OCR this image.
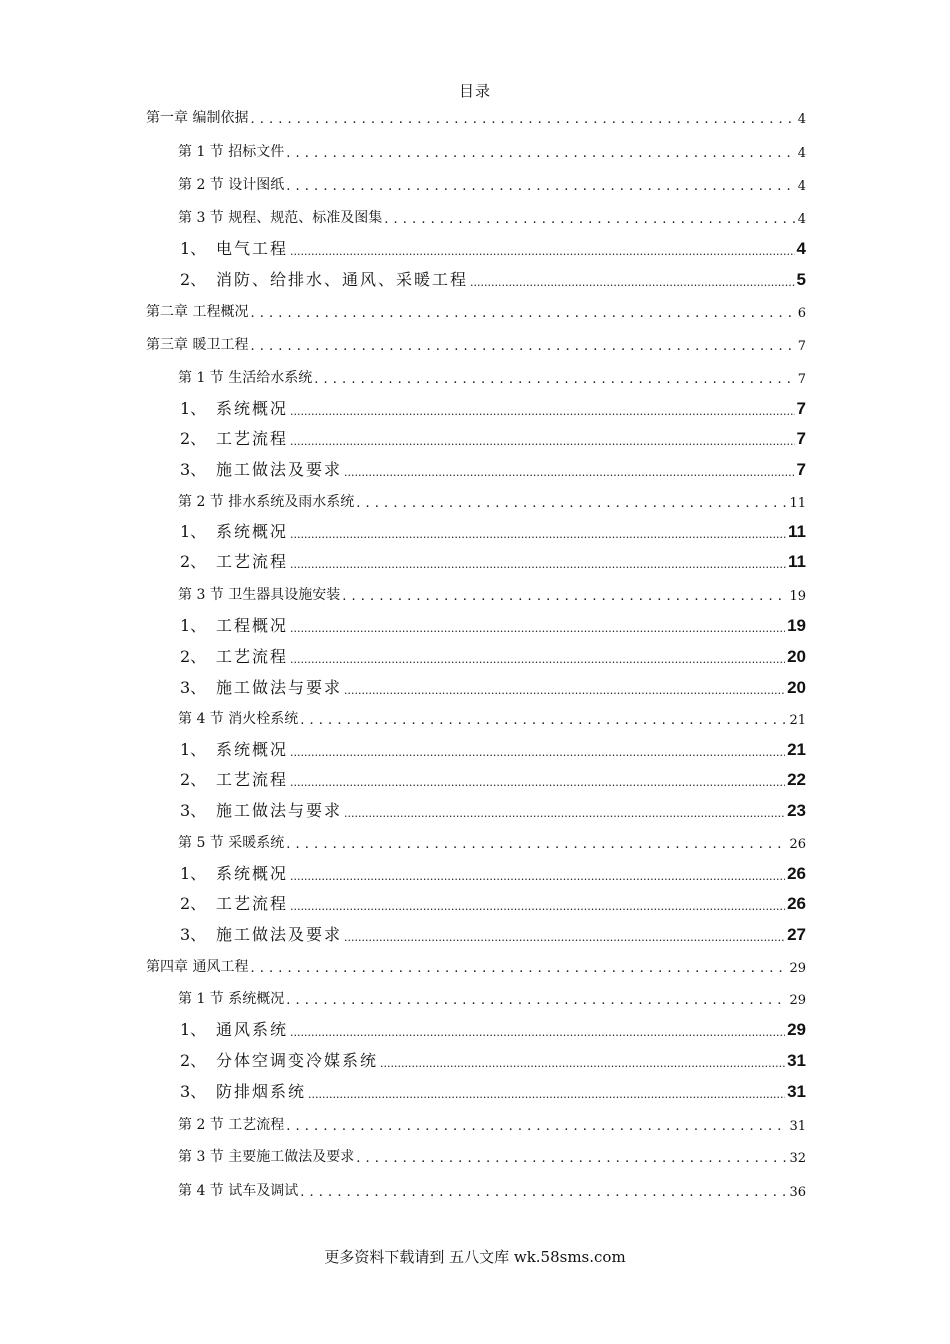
目录
第一章 编制依据 . . .	4
第 1 节 招标文件 . . .	4
第 2 节 设计图纸 . . .	4
第 3 节 规程、规范、标准及图集 . . .	4
1、 电气工程 .....	4
2、 消防、给排水、通风、采暖工程 .....	5
第二章 工程概况 . . .	6
第三章 暖卫工程 . . .	7
第 1 节 生活给水系统 . . .	7
1、 系统概况 .....	7
2、 工艺流程 .....	7
3、 施工做法及要求 .....	7
第 2 节 排水系统及雨水系统 . . .	11
1、 系统概况 .....	11
2、 工艺流程 .....	11
第 3 节 卫生器具设施安装 . . .	19
1、 工程概况 .....	19
2、 工艺流程 .....	20
3、 施工做法与要求 .....	20
第 4 节 消火栓系统 . . .	21
1、 系统概况 .....	21
2、 工艺流程 .....	22
3、 施工做法与要求 .....	23
第 5 节 采暖系统 . . .	26
1、 系统概况 .....	26
2、 工艺流程 .....	26
3、 施工做法及要求 .....	27
第四章 通风工程 . . .	29
第 1 节 系统概况 . . .	29
1、 通风系统 .....	29
2、 分体空调变冷媒系统 .....	31
3、 防排烟系统 .....	31
第 2 节 工艺流程 . . .	31
第 3 节 主要施工做法及要求 . . .	32
第 4 节 试车及调试 . . .	36
更多资料下载请到 五八文库 wk.58sms.com
